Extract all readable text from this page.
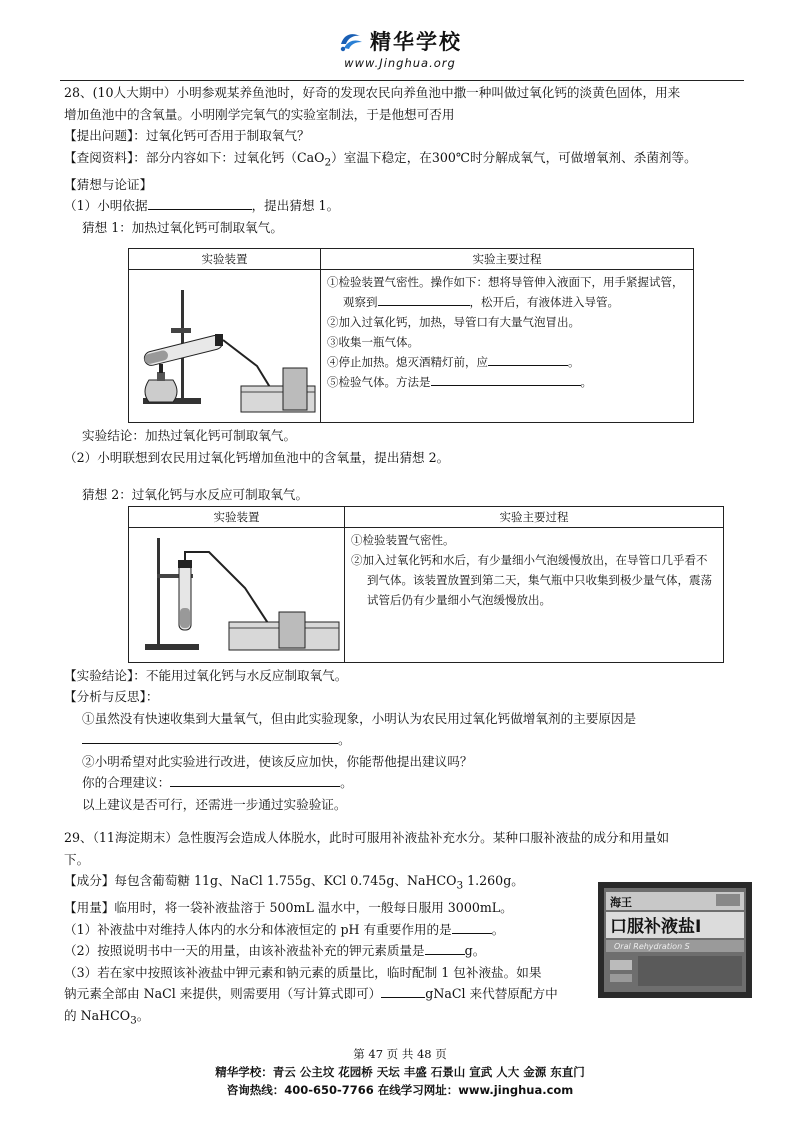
精华学校
www.Jinghua.org
28、(10人大期中）小明参观某养鱼池时，好奇的发现农民向养鱼池中撒一种叫做过氧化钙的淡黄色固体，用来
增加鱼池中的含氧量。小明刚学完氧气的实验室制法，于是他想可否用
【提出问题】：过氧化钙可否用于制取氧气？
【查阅资料】：部分内容如下：过氧化钙（CaO$_2$）室温下稳定，在300℃时分解成氧气，可做增氧剂、杀菌剂等。
【猜想与论证】
（1）小明依据	，提出猜想 1。
猜想 1：加热过氧化钙可制取氧气。
实验装置	实验主要过程

①检验装置气密性。操作如下：想将导管伸入液面下，用手紧握试管，观察到 ，松开后，有液体进入导管。
②加入过氧化钙，加热，导管口有大量气泡冒出。
③收集一瓶气体。
④停止加热。熄灭酒精灯前，应 。
⑤检验气体。方法是 。
实验结论：加热过氧化钙可制取氧气。
（2）小明联想到农民用过氧化钙增加鱼池中的含氧量，提出猜想 2。
猜想 2：过氧化钙与水反应可制取氧气。
实验装置	实验主要过程

①检验装置气密性。
②加入过氧化钙和水后，有少量细小气泡缓慢放出，在导管口几乎看不到气体。该装置放置到第二天，集气瓶中只收集到极少量气体，震荡试管后仍有少量细小气泡缓慢放出。
【实验结论】：不能用过氧化钙与水反应制取氧气。
【分析与反思】：
①虽然没有快速收集到大量氧气，但由此实验现象，小明认为农民用过氧化钙做增氧剂的主要原因是
。
②小明希望对此实验进行改进，使该反应加快，你能帮他提出建议吗？
你的合理建议：	。
以上建议是否可行，还需进一步通过实验验证。
29、（11海淀期末）急性腹泻会造成人体脱水，此时可服用补液盐补充水分。某种口服补液盐的成分和用量如
下。
【成分】每包含葡萄糖 11g、NaCl 1.755g、KCl 0.745g、NaHCO$_3$ 1.260g。
【用量】临用时，将一袋补液盐溶于 500mL 温水中，一般每日服用 3000mL。
（1）补液盐中对维持人体内的水分和体液恒定的 pH 有重要作用的是	。
（2）按照说明书中一天的用量，由该补液盐补充的钾元素质量是	g。
（3）若在家中按照该补液盐中钾元素和钠元素的质量比，临时配制 1 包补液盐。如果
钠元素全部由 NaCl 来提供，则需要用（写计算式即可）	gNaCl 来代替原配方中
的 NaHCO$_3$。
海王
口服补液盐Ⅰ
Oral Rehydration S
第 47 页 共 48 页
精华学校：青云 公主坟 花园桥 天坛 丰盛 石景山 宣武 人大 金源 东直门
咨询热线：400-650-7766 在线学习网址：www.jinghua.com
